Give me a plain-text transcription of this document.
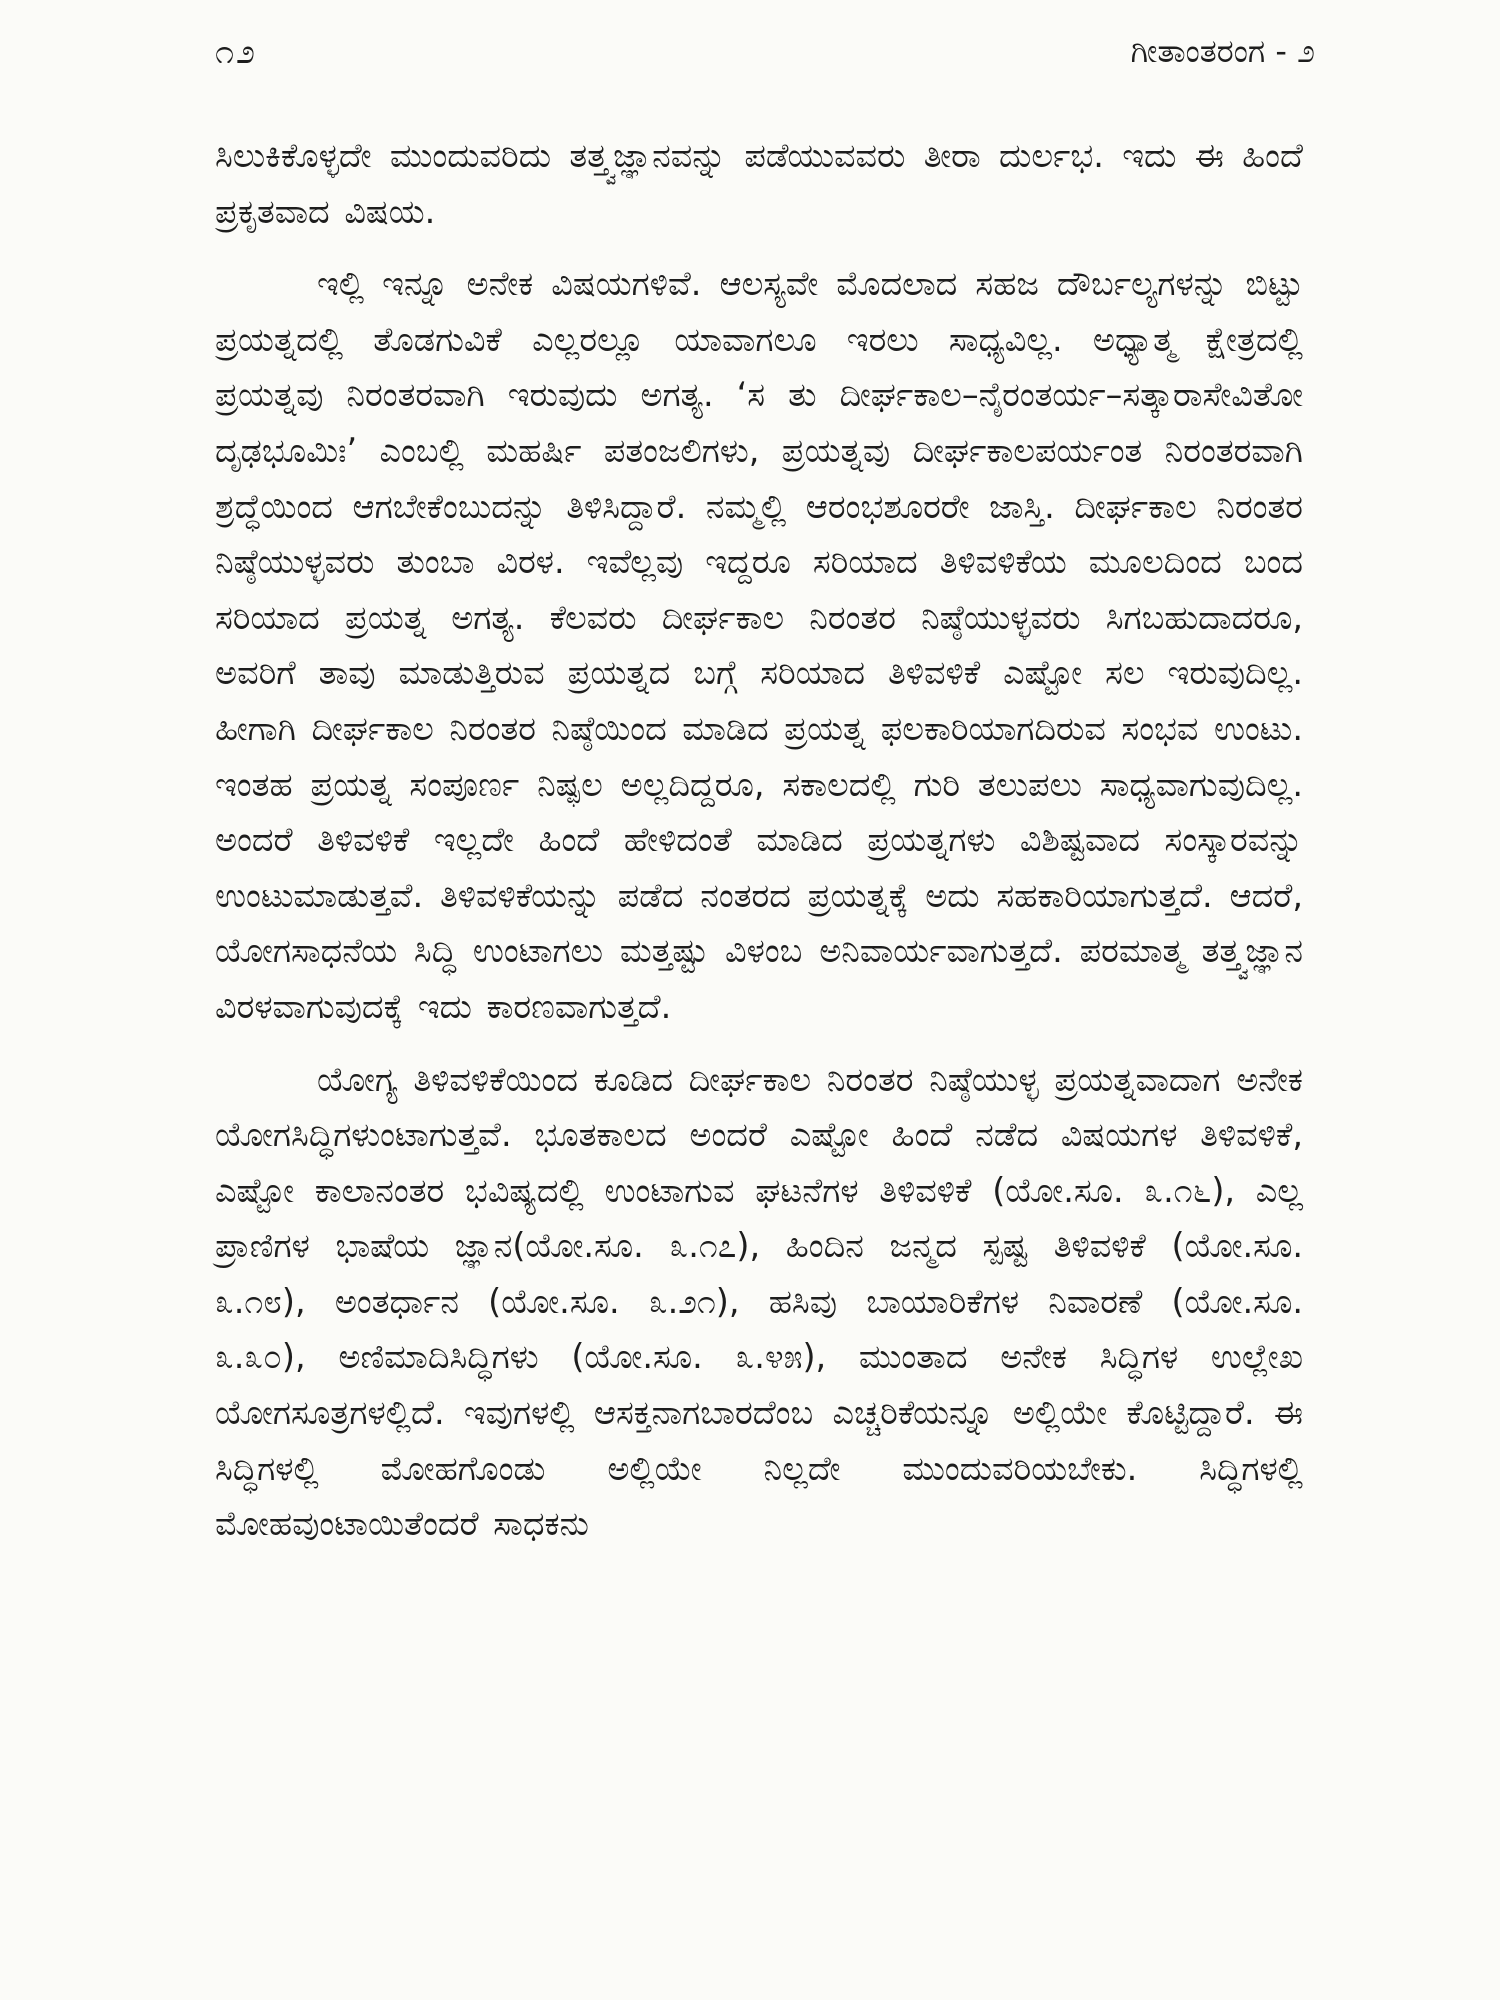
೧೨	ಗೀತಾಂತರಂಗ - ೨

ಸಿಲುಕಿಕೊಳ್ಳದೇ ಮುಂದುವರಿದು ತತ್ತ್ವಜ್ಞಾನವನ್ನು ಪಡೆಯುವವರು ತೀರಾ ದುರ್ಲಭ. ಇದು ಈ ಹಿಂದೆ ಪ್ರಕೃತವಾದ ವಿಷಯ.

ಇಲ್ಲಿ ಇನ್ನೂ ಅನೇಕ ವಿಷಯಗಳಿವೆ. ಆಲಸ್ಯವೇ ಮೊದಲಾದ ಸಹಜ ದೌರ್ಬಲ್ಯಗಳನ್ನು ಬಿಟ್ಟು ಪ್ರಯತ್ನದಲ್ಲಿ ತೊಡಗುವಿಕೆ ಎಲ್ಲರಲ್ಲೂ ಯಾವಾಗಲೂ ಇರಲು ಸಾಧ್ಯವಿಲ್ಲ. ಅಧ್ಯಾತ್ಮ ಕ್ಷೇತ್ರದಲ್ಲಿ ಪ್ರಯತ್ನವು ನಿರಂತರವಾಗಿ ಇರುವುದು ಅಗತ್ಯ. ‘ಸ ತು ದೀರ್ಘಕಾಲ–ನೈರಂತರ್ಯ–ಸತ್ಕಾರಾಸೇವಿತೋ ದೃಢಭೂಮಿಃ’ ಎಂಬಲ್ಲಿ ಮಹರ್ಷಿ ಪತಂಜಲಿಗಳು, ಪ್ರಯತ್ನವು ದೀರ್ಘಕಾಲಪರ್ಯಂತ ನಿರಂತರವಾಗಿ ಶ್ರದ್ಧೆಯಿಂದ ಆಗಬೇಕೆಂಬುದನ್ನು ತಿಳಿಸಿದ್ದಾರೆ. ನಮ್ಮಲ್ಲಿ ಆರಂಭಶೂರರೇ ಜಾಸ್ತಿ. ದೀರ್ಘಕಾಲ ನಿರಂತರ ನಿಷ್ಠೆಯುಳ್ಳವರು ತುಂಬಾ ವಿರಳ. ಇವೆಲ್ಲವು ಇದ್ದರೂ ಸರಿಯಾದ ತಿಳಿವಳಿಕೆಯ ಮೂಲದಿಂದ ಬಂದ ಸರಿಯಾದ ಪ್ರಯತ್ನ ಅಗತ್ಯ. ಕೆಲವರು ದೀರ್ಘಕಾಲ ನಿರಂತರ ನಿಷ್ಠೆಯುಳ್ಳವರು ಸಿಗಬಹುದಾದರೂ, ಅವರಿಗೆ ತಾವು ಮಾಡುತ್ತಿರುವ ಪ್ರಯತ್ನದ ಬಗ್ಗೆ ಸರಿಯಾದ ತಿಳಿವಳಿಕೆ ಎಷ್ಟೋ ಸಲ ಇರುವುದಿಲ್ಲ. ಹೀಗಾಗಿ ದೀರ್ಘಕಾಲ ನಿರಂತರ ನಿಷ್ಠೆಯಿಂದ ಮಾಡಿದ ಪ್ರಯತ್ನ ಫಲಕಾರಿಯಾಗದಿರುವ ಸಂಭವ ಉಂಟು. ಇಂತಹ ಪ್ರಯತ್ನ ಸಂಪೂರ್ಣ ನಿಷ್ಫಲ ಅಲ್ಲದಿದ್ದರೂ, ಸಕಾಲದಲ್ಲಿ ಗುರಿ ತಲುಪಲು ಸಾಧ್ಯವಾಗುವುದಿಲ್ಲ. ಅಂದರೆ ತಿಳಿವಳಿಕೆ ಇಲ್ಲದೇ ಹಿಂದೆ ಹೇಳಿದಂತೆ ಮಾಡಿದ ಪ್ರಯತ್ನಗಳು ವಿಶಿಷ್ಟವಾದ ಸಂಸ್ಕಾರವನ್ನು ಉಂಟುಮಾಡುತ್ತವೆ. ತಿಳಿವಳಿಕೆಯನ್ನು ಪಡೆದ ನಂತರದ ಪ್ರಯತ್ನಕ್ಕೆ ಅದು ಸಹಕಾರಿಯಾಗುತ್ತದೆ. ಆದರೆ, ಯೋಗಸಾಧನೆಯ ಸಿದ್ಧಿ ಉಂಟಾಗಲು ಮತ್ತಷ್ಟು ವಿಳಂಬ ಅನಿವಾರ್ಯವಾಗುತ್ತದೆ. ಪರಮಾತ್ಮ ತತ್ತ್ವಜ್ಞಾನ ವಿರಳವಾಗುವುದಕ್ಕೆ ಇದು ಕಾರಣವಾಗುತ್ತದೆ.

ಯೋಗ್ಯ ತಿಳಿವಳಿಕೆಯಿಂದ ಕೂಡಿದ ದೀರ್ಘಕಾಲ ನಿರಂತರ ನಿಷ್ಠೆಯುಳ್ಳ ಪ್ರಯತ್ನವಾದಾಗ ಅನೇಕ ಯೋಗಸಿದ್ಧಿಗಳುಂಟಾಗುತ್ತವೆ. ಭೂತಕಾಲದ ಅಂದರೆ ಎಷ್ಟೋ ಹಿಂದೆ ನಡೆದ ವಿಷಯಗಳ ತಿಳಿವಳಿಕೆ, ಎಷ್ಟೋ ಕಾಲಾನಂತರ ಭವಿಷ್ಯದಲ್ಲಿ ಉಂಟಾಗುವ ಘಟನೆಗಳ ತಿಳಿವಳಿಕೆ (ಯೋ.ಸೂ. ೩.೧೬), ಎಲ್ಲ ಪ್ರಾಣಿಗಳ ಭಾಷೆಯ ಜ್ಞಾನ(ಯೋ.ಸೂ. ೩.೧೭), ಹಿಂದಿನ ಜನ್ಮದ ಸ್ಪಷ್ಟ ತಿಳಿವಳಿಕೆ (ಯೋ.ಸೂ. ೩.೧೮), ಅಂತರ್ಧಾನ (ಯೋ.ಸೂ. ೩.೨೧), ಹಸಿವು ಬಾಯಾರಿಕೆಗಳ ನಿವಾರಣೆ (ಯೋ.ಸೂ. ೩.೩೦), ಅಣಿಮಾದಿಸಿದ್ಧಿಗಳು (ಯೋ.ಸೂ. ೩.೪೫), ಮುಂತಾದ ಅನೇಕ ಸಿದ್ಧಿಗಳ ಉಲ್ಲೇಖ ಯೋಗಸೂತ್ರಗಳಲ್ಲಿದೆ. ಇವುಗಳಲ್ಲಿ ಆಸಕ್ತನಾಗಬಾರದೆಂಬ ಎಚ್ಚರಿಕೆಯನ್ನೂ ಅಲ್ಲಿಯೇ ಕೊಟ್ಟಿದ್ದಾರೆ. ಈ ಸಿದ್ಧಿಗಳಲ್ಲಿ ಮೋಹಗೊಂಡು ಅಲ್ಲಿಯೇ ನಿಲ್ಲದೇ ಮುಂದುವರಿಯಬೇಕು. ಸಿದ್ಧಿಗಳಲ್ಲಿ ಮೋಹವುಂಟಾಯಿತೆಂದರೆ ಸಾಧಕನು
